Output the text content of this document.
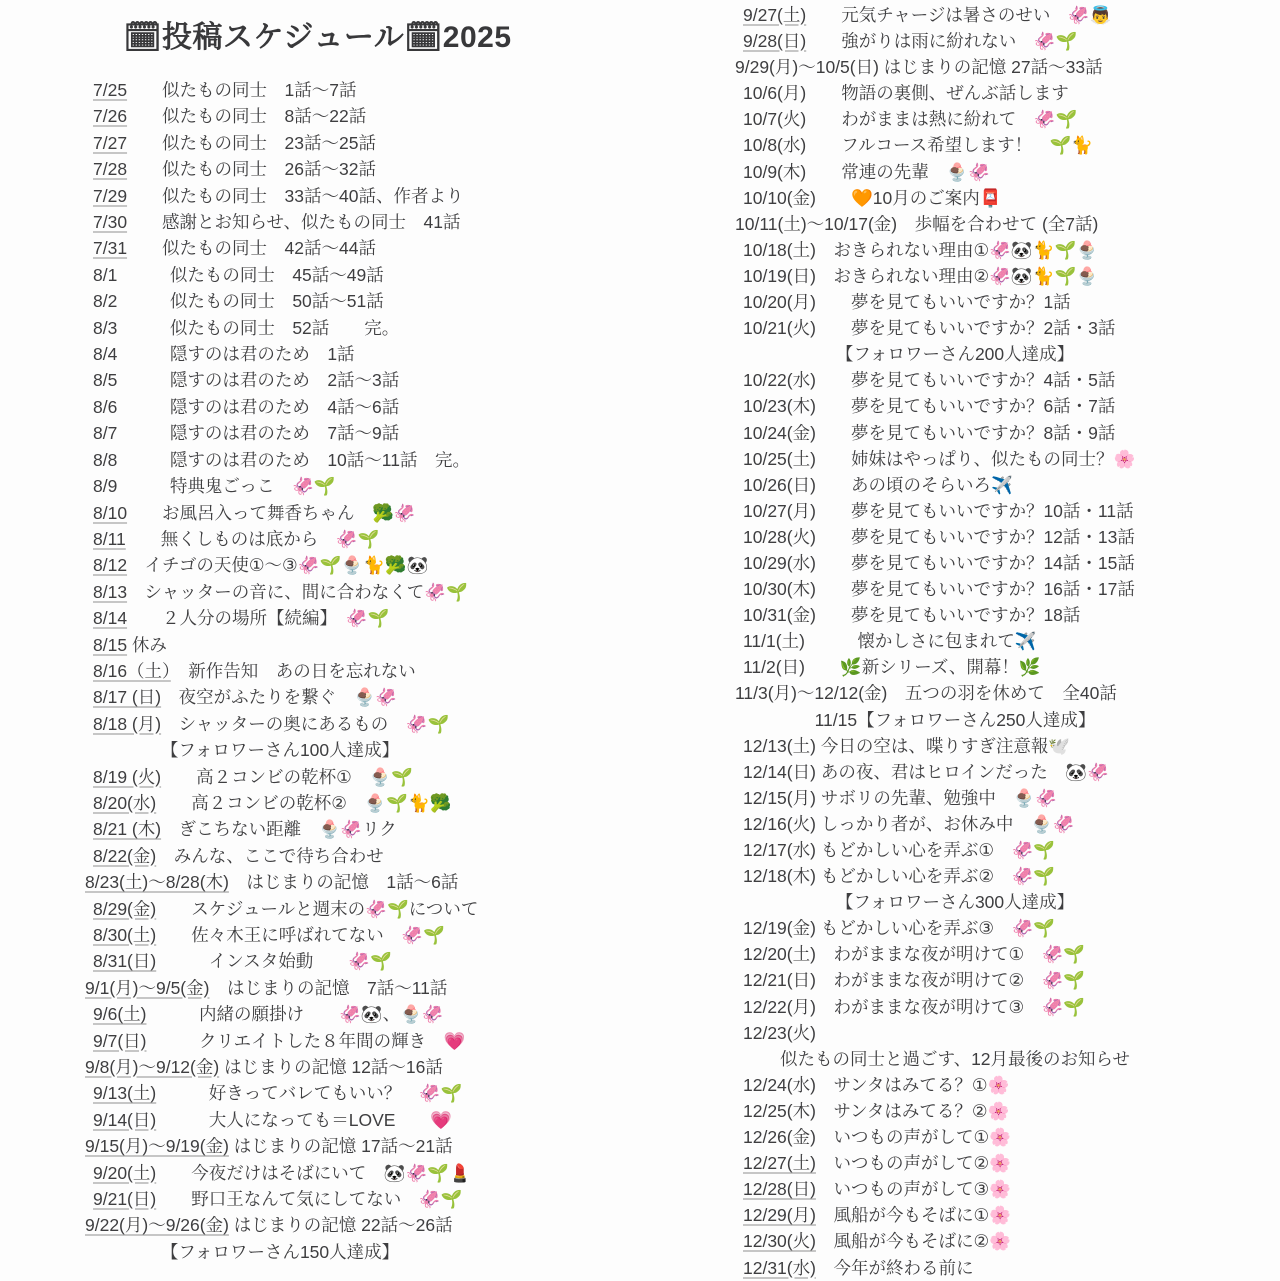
🗓投稿スケジュール🗓2025
7/25　　似たもの同士　1話〜7話
7/26　　似たもの同士　8話〜22話
7/27　　似たもの同士　23話〜25話
7/28　　似たもの同士　26話〜32話
7/29　　似たもの同士　33話〜40話、作者より
7/30　　感謝とお知らせ、似たもの同士　41話
7/31　　似たもの同士　42話〜44話
8/1　　　似たもの同士　45話〜49話
8/2　　　似たもの同士　50話〜51話
8/3　　　似たもの同士　52話　　完。
8/4　　　隠すのは君のため　1話
8/5　　　隠すのは君のため　2話〜3話
8/6　　　隠すのは君のため　4話〜6話
8/7　　　隠すのは君のため　7話〜9話
8/8　　　隠すのは君のため　10話〜11話　完。
8/9　　　特典鬼ごっこ　🦑🌱
8/10　　お風呂入って舞香ちゃん　🥦🦑
8/11　　無くしものは底から　🦑🌱
8/12　イチゴの天使①〜③🦑🌱🍨🐈🥦🐼
8/13　シャッターの音に、間に合わなくて🦑🌱
8/14　　２人分の場所【続編】　🦑🌱
8/15 休み
8/16（土）　新作告知　あの日を忘れない
8/17 (日)　夜空がふたりを繋ぐ　🍨🦑
8/18 (月)　シャッターの奥にあるもの　🦑🌱
【フォロワーさん100人達成】
8/19 (火)　　高２コンビの乾杯①　🍨🌱
8/20(水)　　高２コンビの乾杯②　🍨🌱🐈🥦
8/21 (木)　ぎこちない距離　🍨🦑リク
8/22(金)　みんな、ここで待ち合わせ
8/23(土)〜8/28(木)　はじまりの記憶　1話〜6話
8/29(金)　　スケジュールと週末の🦑🌱について
8/30(土)　　佐々木王に呼ばれてない　🦑🌱
8/31(日)　　　インスタ始動　　🦑🌱
9/1(月)〜9/5(金)　はじまりの記憶　7話〜11話
9/6(土)　　　内緒の願掛け　　🦑🐼、🍨🦑
9/7(日)　　　クリエイトした８年間の輝き　💗
9/8(月)〜9/12(金) はじまりの記憶 12話〜16話
9/13(土)　　　好きってバレてもいい？　🦑🌱
9/14(日)　　　大人になっても＝LOVE　　💗
9/15(月)〜9/19(金) はじまりの記憶 17話〜21話
9/20(土)　　今夜だけはそばにいて　🐼🦑🌱💄
9/21(日)　　野口王なんて気にしてない　🦑🌱
9/22(月)〜9/26(金) はじまりの記憶 22話〜26話
【フォロワーさん150人達成】
9/27(土)　　元気チャージは暑さのせい　🦑👼
9/28(日)　　強がりは雨に紛れない　🦑🌱
9/29(月)〜10/5(日) はじまりの記憶 27話〜33話
10/6(月)　　物語の裏側、ぜんぶ話します
10/7(火)　　わがままは熱に紛れて　🦑🌱
10/8(水)　　フルコース希望します！　🌱🐈
10/9(木)　　常連の先輩　🍨🦑
10/10(金)　　🧡10月のご案内📮
10/11(土)〜10/17(金)　歩幅を合わせて (全7話)
10/18(土)　おきられない理由①🦑🐼🐈🌱🍨
10/19(日)　おきられない理由②🦑🐼🐈🌱🍨
10/20(月)　　夢を見てもいいですか？1話
10/21(火)　　夢を見てもいいですか？2話・3話
【フォロワーさん200人達成】
10/22(水)　　夢を見てもいいですか？4話・5話
10/23(木)　　夢を見てもいいですか？6話・7話
10/24(金)　　夢を見てもいいですか？8話・9話
10/25(土)　　姉妹はやっぱり、似たもの同士？🌸
10/26(日)　　あの頃のそらいろ✈️
10/27(月)　　夢を見てもいいですか？10話・11話
10/28(火)　　夢を見てもいいですか？12話・13話
10/29(水)　　夢を見てもいいですか？14話・15話
10/30(木)　　夢を見てもいいですか？16話・17話
10/31(金)　　夢を見てもいいですか？18話
11/1(土)　　　懐かしさに包まれて✈️
11/2(日)　　🌿新シリーズ、開幕！🌿
11/3(月)〜12/12(金)　五つの羽を休めて　全40話
11/15【フォロワーさん250人達成】
12/13(土) 今日の空は、喋りすぎ注意報🕊️
12/14(日) あの夜、君はヒロインだった　🐼🦑
12/15(月) サボリの先輩、勉強中　🍨🦑
12/16(火) しっかり者が、お休み中　🍨🦑
12/17(水) もどかしい心を弄ぶ①　🦑🌱
12/18(木) もどかしい心を弄ぶ②　🦑🌱
【フォロワーさん300人達成】
12/19(金) もどかしい心を弄ぶ③　🦑🌱
12/20(土)　わがままな夜が明けて①　🦑🌱
12/21(日)　わがままな夜が明けて②　🦑🌱
12/22(月)　わがままな夜が明けて③　🦑🌱
12/23(火)
似たもの同士と過ごす、12月最後のお知らせ
12/24(水)　サンタはみてる？①🌸
12/25(木)　サンタはみてる？②🌸
12/26(金)　いつもの声がして①🌸
12/27(土)　いつもの声がして②🌸
12/28(日)　いつもの声がして③🌸
12/29(月)　風船が今もそばに①🌸
12/30(火)　風船が今もそばに②🌸
12/31(水)　今年が終わる前に
